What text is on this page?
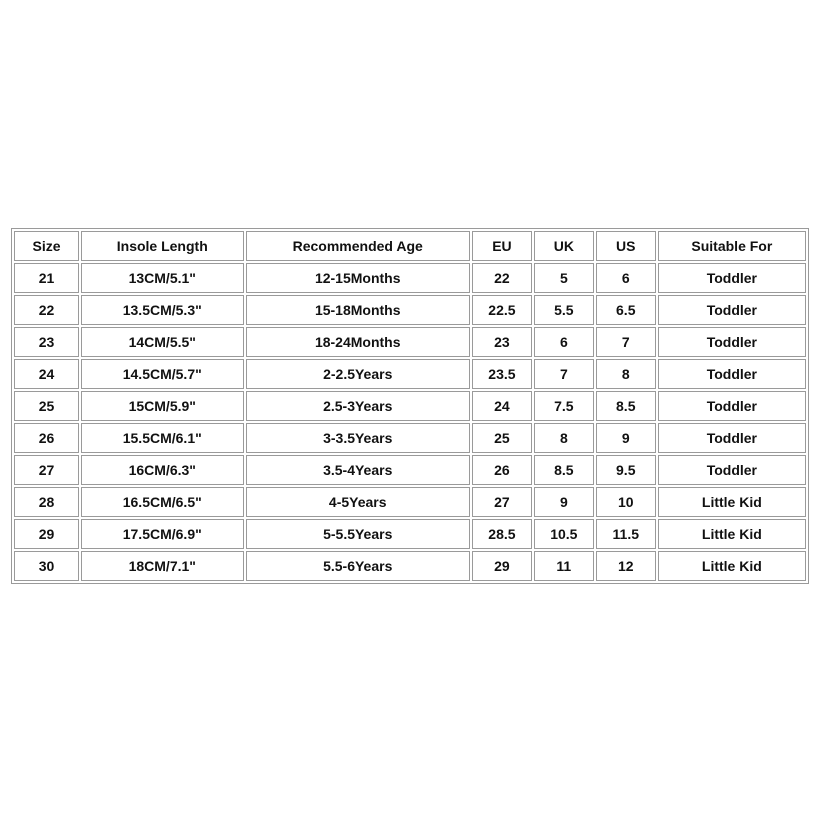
Size	Insole Length	Recommended Age	EU	UK	US	Suitable For
21	13CM/5.1"	12-15Months	22	5	6	Toddler
22	13.5CM/5.3"	15-18Months	22.5	5.5	6.5	Toddler
23	14CM/5.5"	18-24Months	23	6	7	Toddler
24	14.5CM/5.7"	2-2.5Years	23.5	7	8	Toddler
25	15CM/5.9"	2.5-3Years	24	7.5	8.5	Toddler
26	15.5CM/6.1"	3-3.5Years	25	8	9	Toddler
27	16CM/6.3"	3.5-4Years	26	8.5	9.5	Toddler
28	16.5CM/6.5"	4-5Years	27	9	10	Little Kid
29	17.5CM/6.9"	5-5.5Years	28.5	10.5	11.5	Little Kid
30	18CM/7.1"	5.5-6Years	29	11	12	Little Kid
